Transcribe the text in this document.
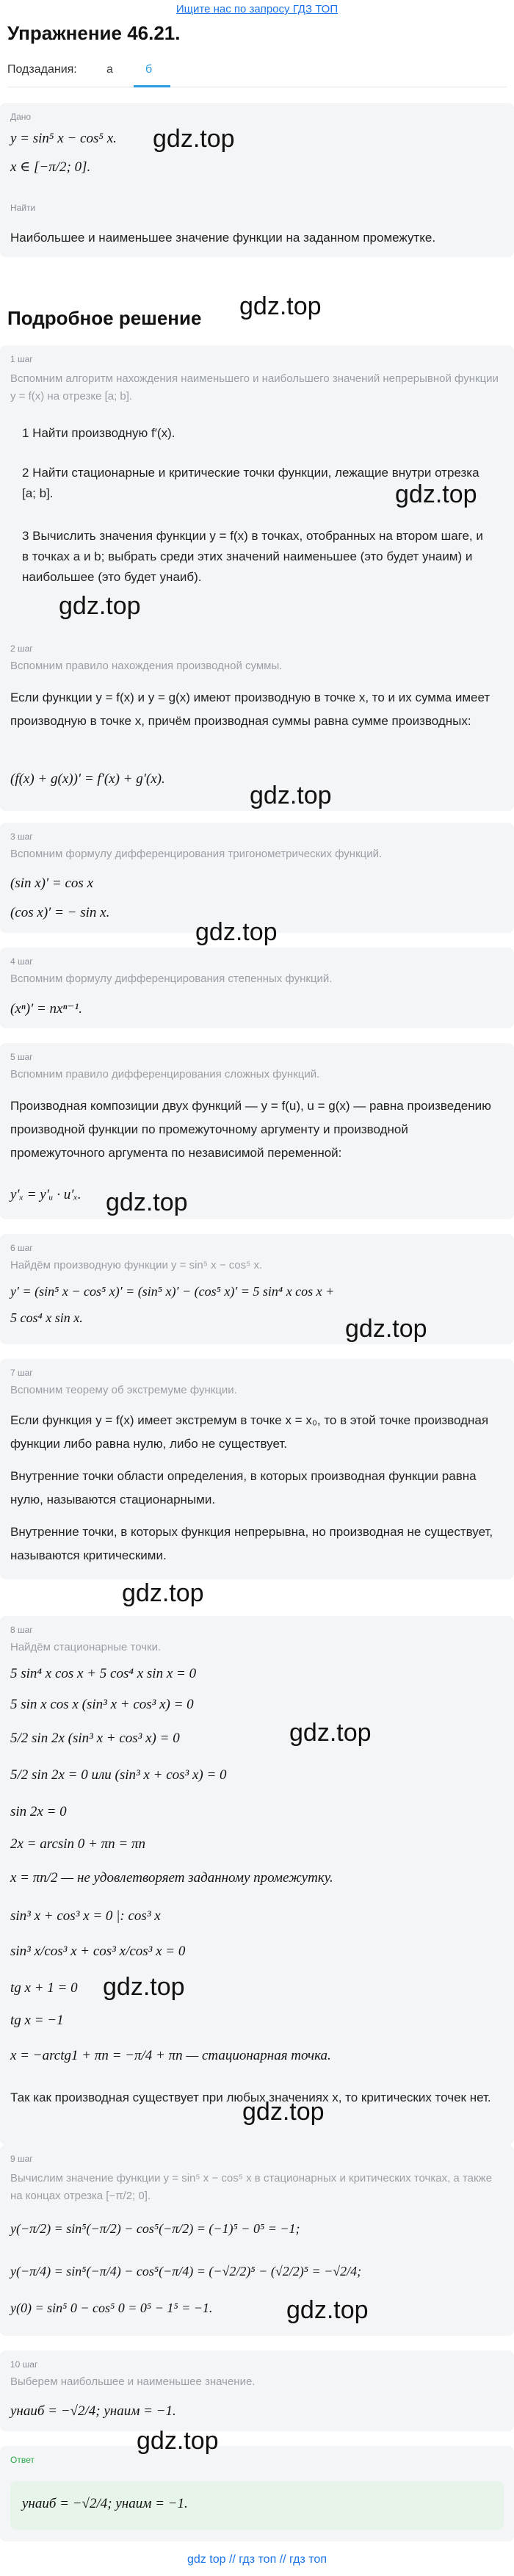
Ищите нас по запросу ГДЗ ТОП
Упражнение 46.21.
Подзадания:	а	б
Дано
y = sin⁵ x − cos⁵ x.
x ∈ [−π/2; 0].
Найти
Наибольшее и наименьшее значение функции на заданном промежутке.
gdz.top
Подробное решение gdz.top
1 шаг
Вспомним алгоритм нахождения наименьшего и наибольшего значений непрерывной функции y = f(x) на отрезке [a; b].
1 Найти производную f′(x).
2 Найти стационарные и критические точки функции, лежащие внутри отрезка [a; b].
3 Вычислить значения функции y = f(x) в точках, отобранных на втором шаге, и в точках a и b; выбрать среди этих значений наименьшее (это будет yнаим) и наибольшее (это будет yнаиб).
gdz.top
gdz.top
2 шаг
Вспомним правило нахождения производной суммы.
Если функции y = f(x) и y = g(x) имеют производную в точке x, то и их сумма имеет производную в точке x, причём производная суммы равна сумме производных:
(f(x) + g(x))′ = f′(x) + g′(x).
gdz.top
3 шаг
Вспомним формулу дифференцирования тригонометрических функций.
(sin x)′ = cos x
(cos x)′ = − sin x.
gdz.top
4 шаг
Вспомним формулу дифференцирования степенных функций.
(xⁿ)′ = nxⁿ⁻¹.
5 шаг
Вспомним правило дифференцирования сложных функций.
Производная композиции двух функций — y = f(u), u = g(x) — равна произведению производной функции по промежуточному аргументу и производной промежуточного аргумента по независимой переменной:
y′ₓ = y′ᵤ · u′ₓ. gdz.top
6 шаг
Найдём производную функции y = sin⁵ x − cos⁵ x.
y′ = (sin⁵ x − cos⁵ x)′ = (sin⁵ x)′ − (cos⁵ x)′ = 5 sin⁴ x cos x +
5 cos⁴ x sin x.	gdz.top
7 шаг
Вспомним теорему об экстремуме функции.
Если функция y = f(x) имеет экстремум в точке x = x₀, то в этой точке производная функции либо равна нулю, либо не существует.
Внутренние точки области определения, в которых производная функции равна нулю, называются стационарными.
Внутренние точки, в которых функция непрерывна, но производная не существует, называются критическими.
gdz.top
8 шаг
Найдём стационарные точки.
5 sin⁴ x cos x + 5 cos⁴ x sin x = 0
5 sin x cos x (sin³ x + cos³ x) = 0
5/2 sin 2x (sin³ x + cos³ x) = 0
5/2 sin 2x = 0 или (sin³ x + cos³ x) = 0
sin 2x = 0
2x = arcsin 0 + πn = πn
x = πn/2 — не удовлетворяет заданному промежутку.
sin³ x + cos³ x = 0 |: cos³ x
sin³ x/cos³ x + cos³ x/cos³ x = 0
tg x + 1 = 0
tg x = −1
x = −arctg1 + πn = −π/4 + πn — стационарная точка.
Так как производная существует при любых значениях x, то критических точек нет.
gdz.top
gdz.top
gdz.top
9 шаг
Вычислим значение функции y = sin⁵ x − cos⁵ x в стационарных и критических точках, а также на концах отрезка [−π/2; 0].
y(−π/2) = sin⁵(−π/2) − cos⁵(−π/2) = (−1)⁵ − 0⁵ = −1;
y(−π/4) = sin⁵(−π/4) − cos⁵(−π/4) = (−√2/2)⁵ − (√2/2)⁵ = −√2/4;
y(0) = sin⁵ 0 − cos⁵ 0 = 0⁵ − 1⁵ = −1.	gdz.top
10 шаг
Выберем наибольшее и наименьшее значение.
yнаиб = −√2/4; yнаим = −1.
Ответ
yнаиб = −√2/4; yнаим = −1.
gdz.top
gdz top // гдз топ // гдз топ
